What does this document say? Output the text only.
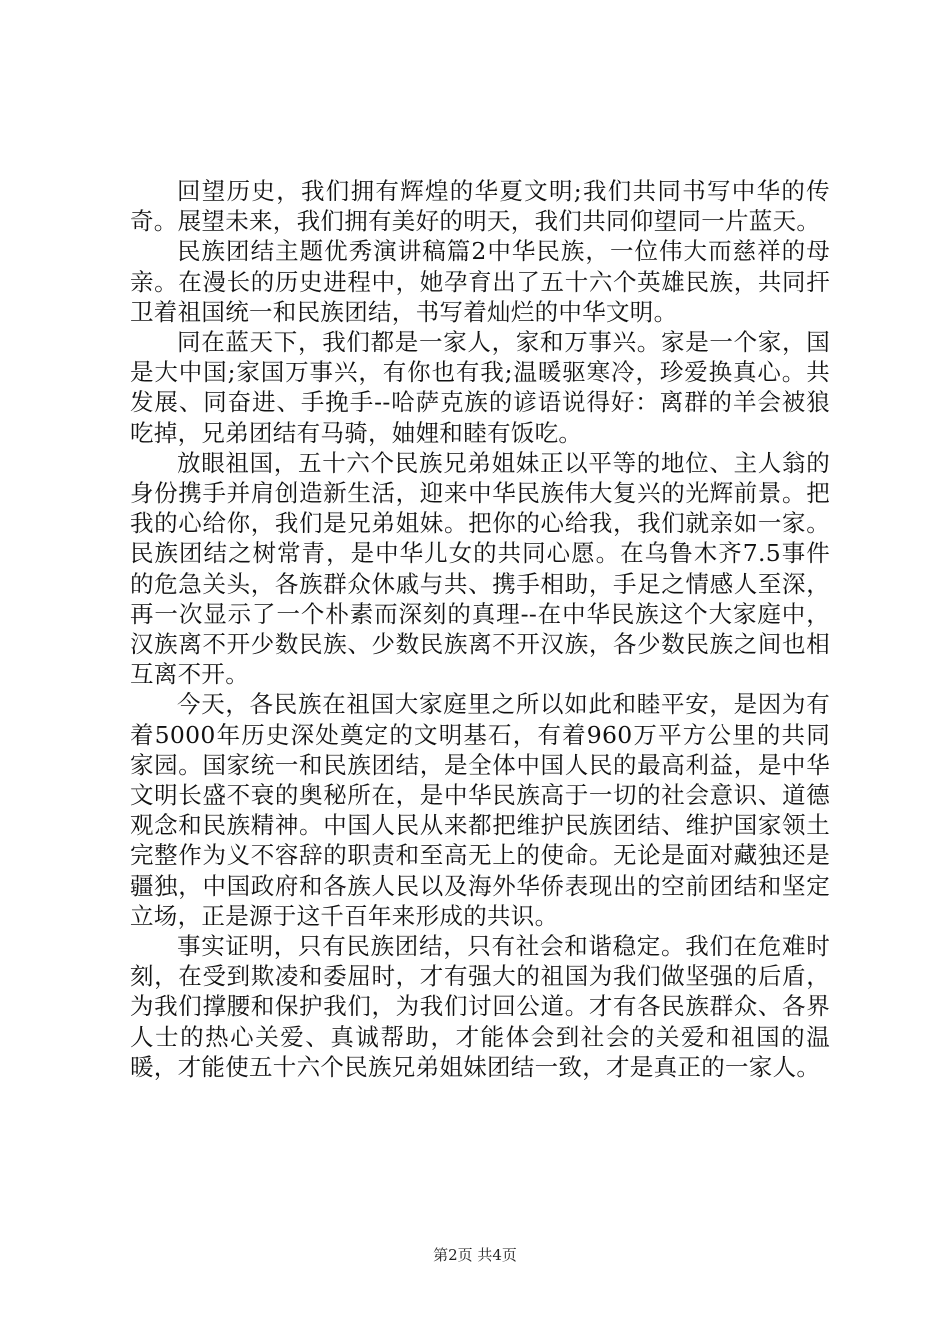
回望历史，我们拥有辉煌的华夏文明;我们共同书写中华的传奇。展望未来，我们拥有美好的明天，我们共同仰望同一片蓝天。

民族团结主题优秀演讲稿篇2中华民族，一位伟大而慈祥的母亲。在漫长的历史进程中，她孕育出了五十六个英雄民族，共同扞卫着祖国统一和民族团结，书写着灿烂的中华文明。

同在蓝天下，我们都是一家人，家和万事兴。家是一个家，国是大中国;家国万事兴，有你也有我;温暖驱寒冷，珍爱换真心。共发展、同奋进、手挽手--哈萨克族的谚语说得好：离群的羊会被狼吃掉，兄弟团结有马骑，妯娌和睦有饭吃。

放眼祖国，五十六个民族兄弟姐妹正以平等的地位、主人翁的身份携手并肩创造新生活，迎来中华民族伟大复兴的光辉前景。把我的心给你，我们是兄弟姐妹。把你的心给我，我们就亲如一家。民族团结之树常青，是中华儿女的共同心愿。在乌鲁木齐7.5事件的危急关头，各族群众休戚与共、携手相助，手足之情感人至深，再一次显示了一个朴素而深刻的真理--在中华民族这个大家庭中，汉族离不开少数民族、少数民族离不开汉族，各少数民族之间也相互离不开。

今天，各民族在祖国大家庭里之所以如此和睦平安，是因为有着5000年历史深处奠定的文明基石，有着960万平方公里的共同家园。国家统一和民族团结，是全体中国人民的最高利益，是中华文明长盛不衰的奥秘所在，是中华民族高于一切的社会意识、道德观念和民族精神。中国人民从来都把维护民族团结、维护国家领土完整作为义不容辞的职责和至高无上的使命。无论是面对藏独还是疆独，中国政府和各族人民以及海外华侨表现出的空前团结和坚定立场，正是源于这千百年来形成的共识。

事实证明，只有民族团结，只有社会和谐稳定。我们在危难时刻，在受到欺凌和委屈时，才有强大的祖国为我们做坚强的后盾，为我们撑腰和保护我们，为我们讨回公道。才有各民族群众、各界人士的热心关爱、真诚帮助，才能体会到社会的关爱和祖国的温暖，才能使五十六个民族兄弟姐妹团结一致，才是真正的一家人。

第2页 共4页
